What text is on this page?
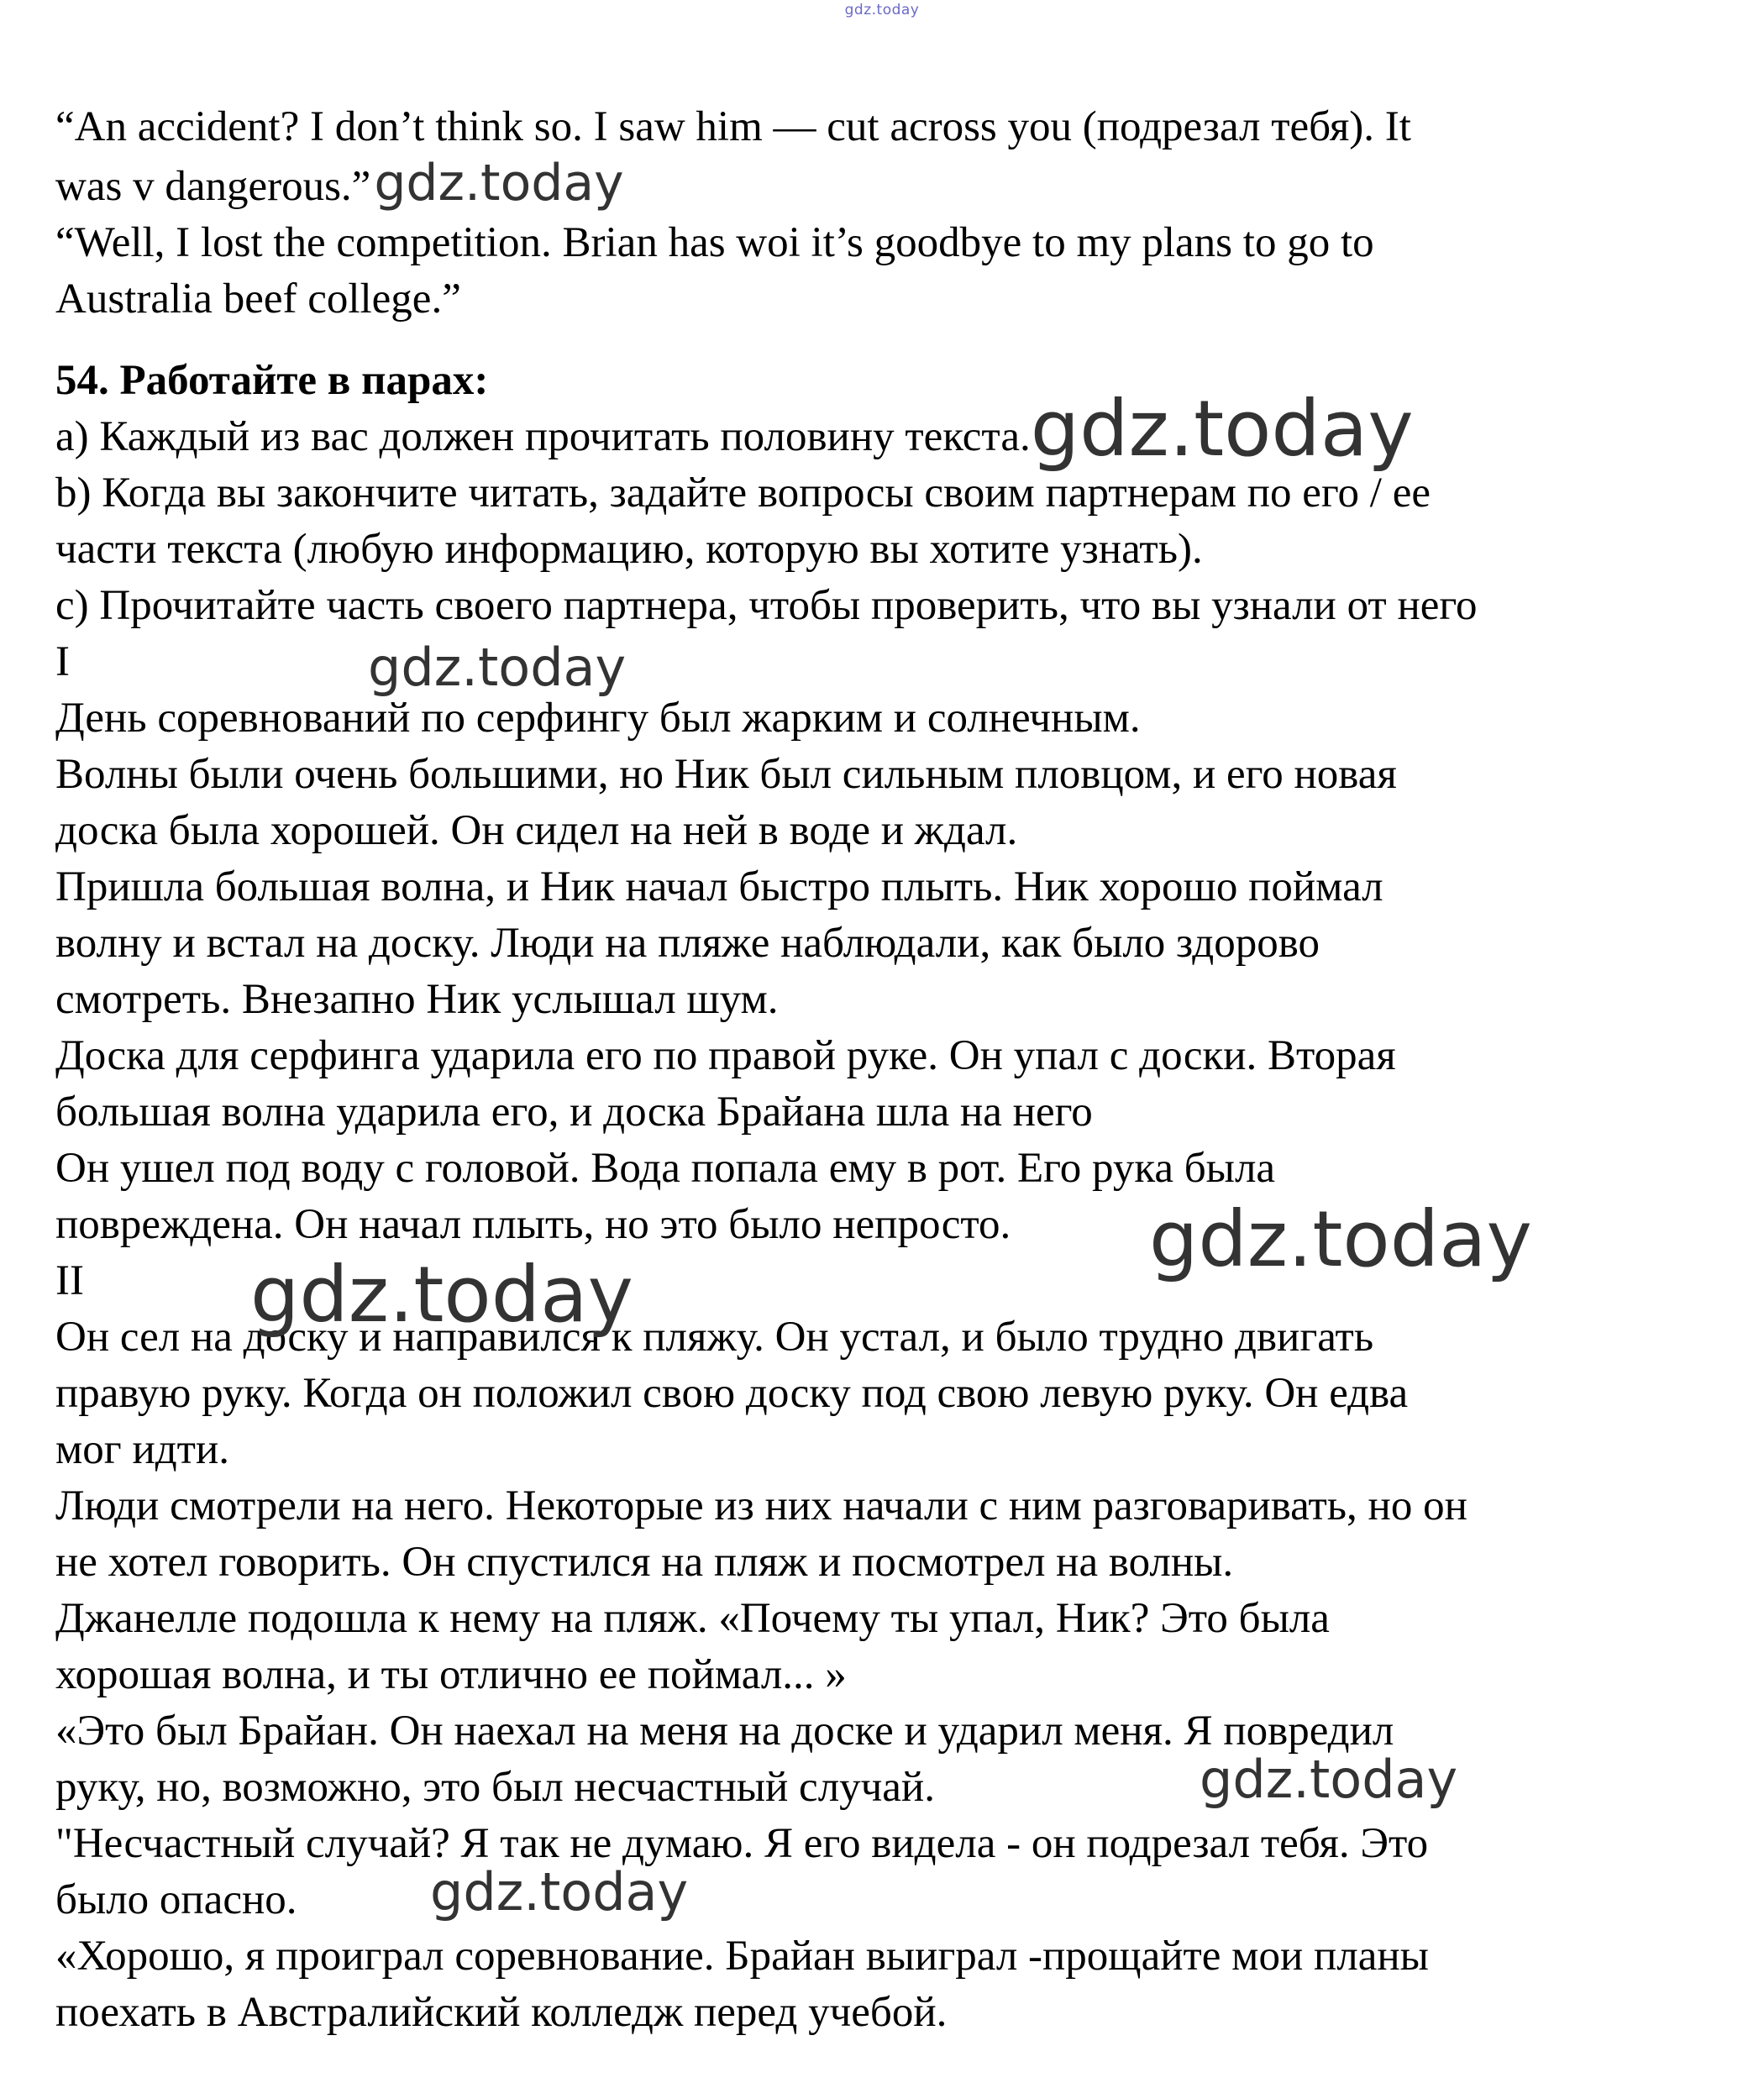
gdz.today
“An accident? I don’t think so. I saw him — cut across you (подрезал тебя). It
was v dangerous.”gdz.today
“Well, I lost the competition. Brian has woi it’s goodbye to my plans to go to
Australia beef college.”
54. Работайте в парах:
a) Каждый из вас должен прочитать половину текста.gdz.today
b) Когда вы закончите читать, задайте вопросы своим партнерам по его / ее
части текста (любую информацию, которую вы хотите узнать).
c) Прочитайте часть своего партнера, чтобы проверить, что вы узнали от него
I
День соревнований по серфингу был жарким и солнечным.
Волны были очень большими, но Ник был сильным пловцом, и его новая
доска была хорошей. Он сидел на ней в воде и ждал.
Пришла большая волна, и Ник начал быстро плыть. Ник хорошо поймал
волну и встал на доску. Люди на пляже наблюдали, как было здорово
смотреть. Внезапно Ник услышал шум.
Доска для серфинга ударила его по правой руке. Он упал с доски. Вторая
большая волна ударила его, и доска Брайана шла на него
Он ушел под воду с головой. Вода попала ему в рот. Его рука была
повреждена. Он начал плыть, но это было непросто.
II
Он сел на доску и направился к пляжу. Он устал, и было трудно двигать
правую руку. Когда он положил свою доску под свою левую руку. Он едва
мог идти.
Люди смотрели на него. Некоторые из них начали с ним разговаривать, но он
не хотел говорить. Он спустился на пляж и посмотрел на волны.
Джанелле подошла к нему на пляж. «Почему ты упал, Ник? Это была
хорошая волна, и ты отлично ее поймал... »
«Это был Брайан. Он наехал на меня на доске и ударил меня. Я повредил
руку, но, возможно, это был несчастный случай.
"Несчастный случай? Я так не думаю. Я его видела - он подрезал тебя. Это
было опасно.
«Хорошо, я проиграл соревнование. Брайан выиграл -прощайте мои планы
поехать в Австралийский колледж перед учебой.
gdz.today
gdz.today
gdz.today
gdz.today
gdz.today
